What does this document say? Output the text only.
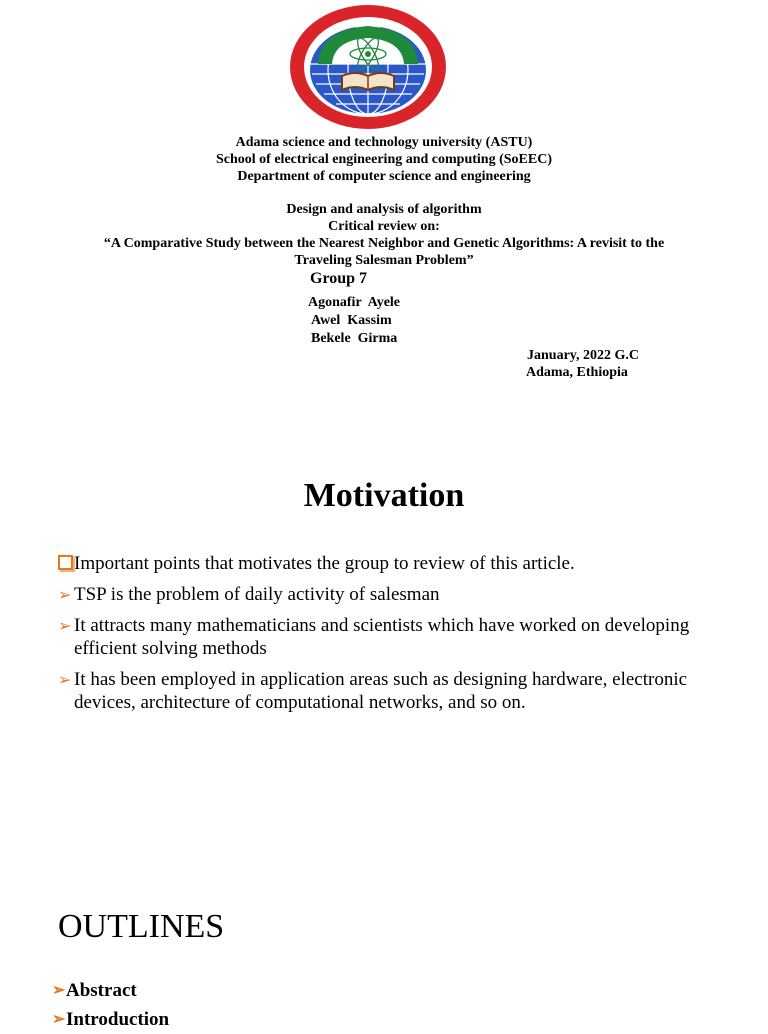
Adama science and technology university (ASTU)
School of electrical engineering and computing (SoEEC)
Department of computer science and engineering
Design and analysis of algorithm
Critical review on:
“A Comparative Study between the Nearest Neighbor and Genetic Algorithms: A revisit to the
Traveling Salesman Problem”
Group 7
Agonafir  Ayele
Awel  Kassim
Bekele  Girma
January, 2022 G.C
Adama, Ethiopia
Motivation
Important points that motivates the group to review of this article.
➢ TSP is the problem of daily activity of salesman
➢ It attracts many mathematicians and scientists which have worked on developing efficient solving methods
➢ It has been employed in application areas such as designing hardware, electronic devices, architecture of computational networks, and so on.
OUTLINES
➢ Abstract
➢ Introduction
